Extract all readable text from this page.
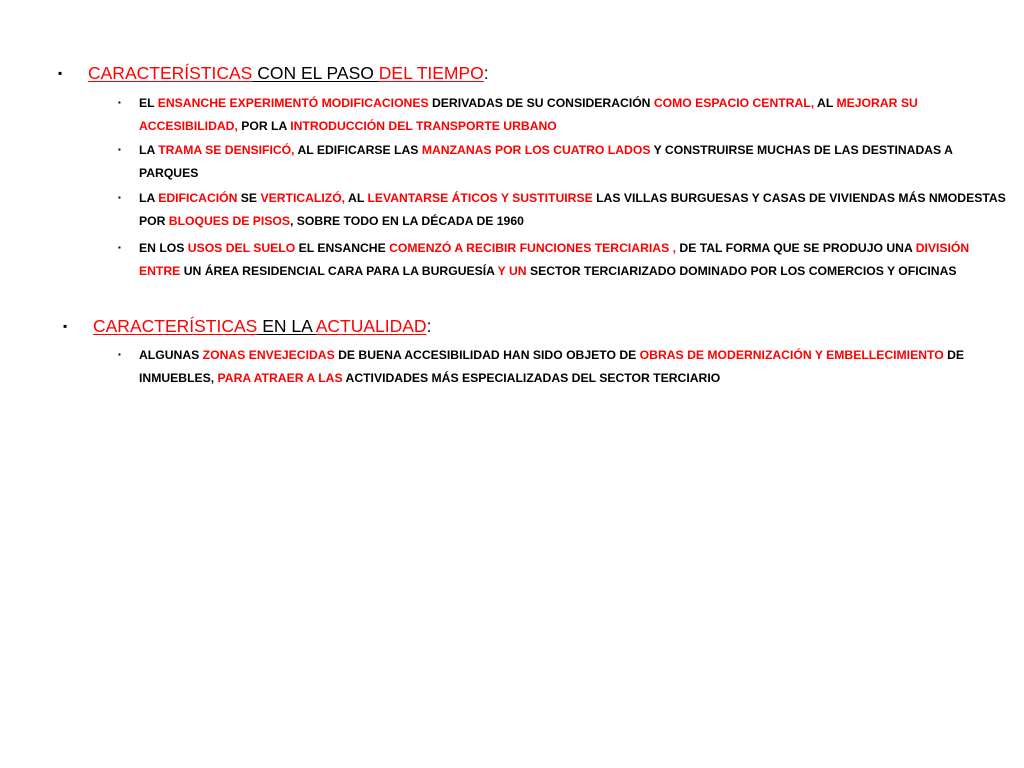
▪ CARACTERÍSTICAS CON EL PASO DEL TIEMPO:
▪ EL ENSANCHE EXPERIMENTÓ MODIFICACIONES DERIVADAS DE SU CONSIDERACIÓN COMO ESPACIO CENTRAL, AL MEJORAR SU ACCESIBILIDAD, POR LA INTRODUCCIÓN DEL TRANSPORTE URBANO
▪ LA TRAMA SE DENSIFICÓ, AL EDIFICARSE LAS MANZANAS POR LOS CUATRO LADOS Y CONSTRUIRSE MUCHAS DE LAS DESTINADAS A PARQUES
▪ LA EDIFICACIÓN SE VERTICALIZÓ, AL LEVANTARSE ÁTICOS Y SUSTITUIRSE LAS VILLAS BURGUESAS Y CASAS DE VIVIENDAS MÁS NMODESTAS POR BLOQUES DE PISOS, SOBRE TODO EN LA DÉCADA DE 1960
▪ EN LOS USOS DEL SUELO EL ENSANCHE COMENZÓ A RECIBIR FUNCIONES TERCIARIAS , DE TAL FORMA QUE SE PRODUJO UNA DIVISIÓN ENTRE UN ÁREA RESIDENCIAL CARA PARA LA BURGUESÍA Y UN SECTOR TERCIARIZADO DOMINADO POR LOS COMERCIOS Y OFICINAS
▪ CARACTERÍSTICAS EN LA ACTUALIDAD:
▪ ALGUNAS ZONAS ENVEJECIDAS DE BUENA ACCESIBILIDAD HAN SIDO OBJETO DE OBRAS DE MODERNIZACIÓN Y EMBELLECIMIENTO DE INMUEBLES, PARA ATRAER A LAS ACTIVIDADES MÁS ESPECIALIZADAS DEL SECTOR TERCIARIO
